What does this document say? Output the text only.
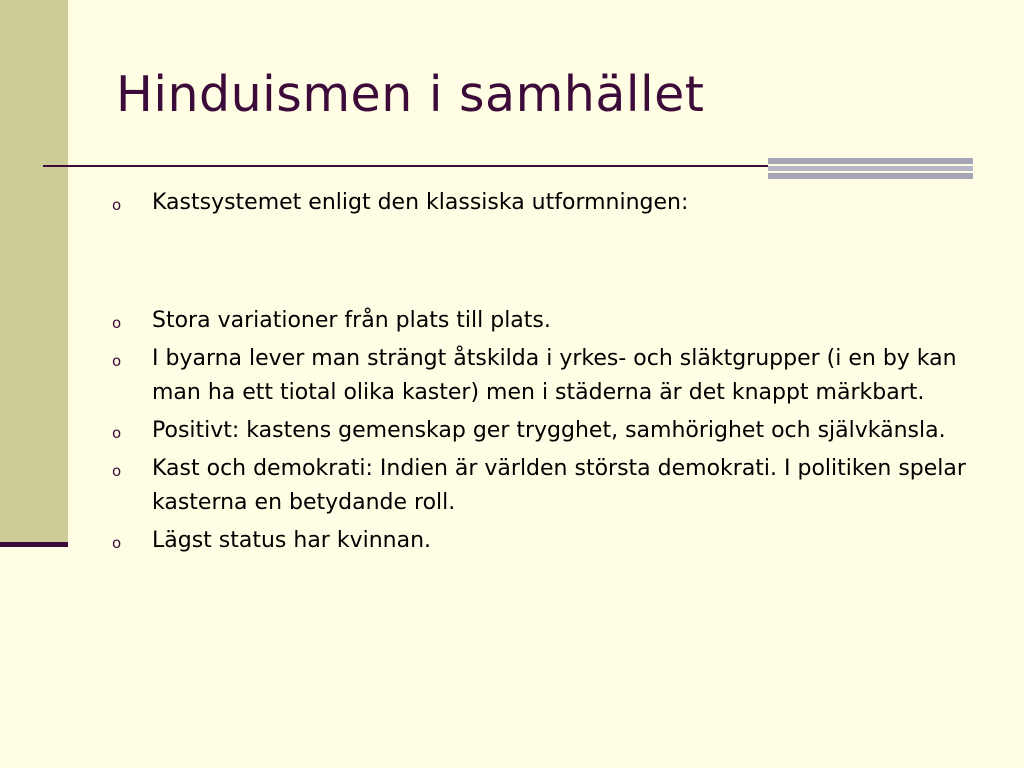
Hinduismen i samhället
o	Kastsystemet enligt den klassiska utformningen:
o	Stora variationer från plats till plats.
o	I byarna lever man strängt åtskilda i yrkes- och släktgrupper (i en by kan man ha ett tiotal olika kaster) men i städerna är det knappt märkbart.
o	Positivt: kastens gemenskap ger trygghet, samhörighet och självkänsla.
o	Kast och demokrati: Indien är världen största demokrati. I politiken spelar kasterna en betydande roll.
o	Lägst status har kvinnan.
